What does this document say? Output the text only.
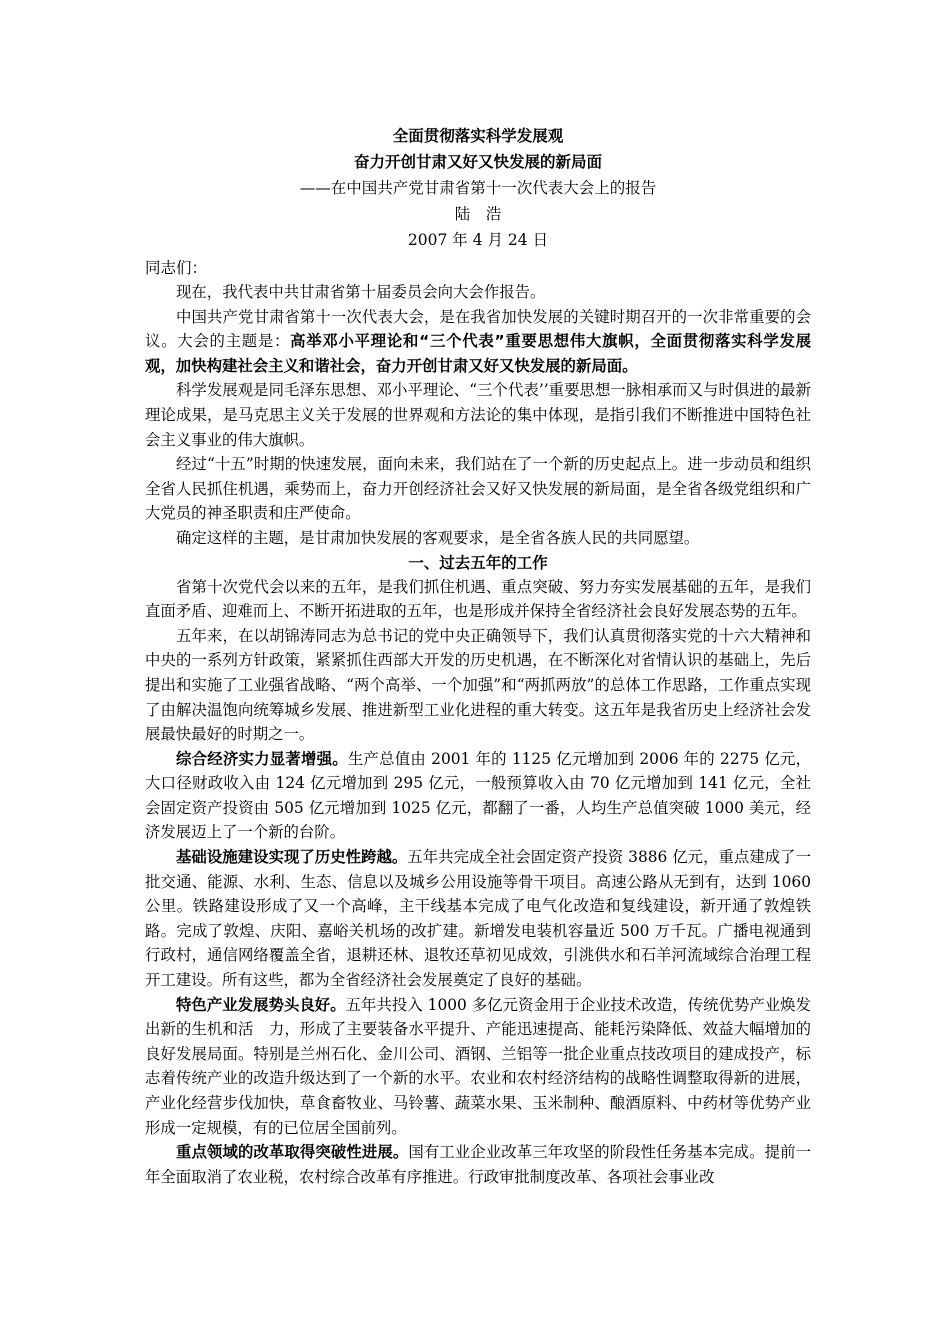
全面贯彻落实科学发展观
奋力开创甘肃又好又快发展的新局面
——在中国共产党甘肃省第十一次代表大会上的报告
陆　浩
2007 年 4 月 24 日
同志们：

现在，我代表中共甘肃省第十届委员会向大会作报告。

中国共产党甘肃省第十一次代表大会，是在我省加快发展的关键时期召开的一次非常重要的会议。大会的主题是：高举邓小平理论和“三个代表”重要思想伟大旗帜，全面贯彻落实科学发展观，加快构建社会主义和谐社会，奋力开创甘肃又好又快发展的新局面。

科学发展观是同毛泽东思想、邓小平理论、“三个代表’’重要思想一脉相承而又与时俱进的最新理论成果，是马克思主义关于发展的世界观和方法论的集中体现，是指引我们不断推进中国特色社会主义事业的伟大旗帜。

经过“十五”时期的快速发展，面向未来，我们站在了一个新的历史起点上。进一步动员和组织全省人民抓住机遇，乘势而上，奋力开创经济社会又好又快发展的新局面，是全省各级党组织和广大党员的神圣职责和庄严使命。

确定这样的主题，是甘肃加快发展的客观要求，是全省各族人民的共同愿望。

一、过去五年的工作

省第十次党代会以来的五年，是我们抓住机遇、重点突破、努力夯实发展基础的五年，是我们直面矛盾、迎难而上、不断开拓进取的五年，也是形成并保持全省经济社会良好发展态势的五年。

五年来，在以胡锦涛同志为总书记的党中央正确领导下，我们认真贯彻落实党的十六大精神和中央的一系列方针政策，紧紧抓住西部大开发的历史机遇，在不断深化对省情认识的基础上，先后提出和实施了工业强省战略、“两个高举、一个加强”和“两抓两放”的总体工作思路，工作重点实现了由解决温饱向统筹城乡发展、推进新型工业化进程的重大转变。这五年是我省历史上经济社会发展最快最好的时期之一。

综合经济实力显著增强。生产总值由 2001 年的 1125 亿元增加到 2006 年的 2275 亿元，大口径财政收入由 124 亿元增加到 295 亿元，一般预算收入由 70 亿元增加到 141 亿元，全社会固定资产投资由 505 亿元增加到 1025 亿元，都翻了一番，人均生产总值突破 1000 美元，经济发展迈上了一个新的台阶。

基础设施建设实现了历史性跨越。五年共完成全社会固定资产投资 3886 亿元，重点建成了一批交通、能源、水利、生态、信息以及城乡公用设施等骨干项目。高速公路从无到有，达到 1060 公里。铁路建设形成了又一个高峰，主干线基本完成了电气化改造和复线建设，新开通了敦煌铁路。完成了敦煌、庆阳、嘉峪关机场的改扩建。新增发电装机容量近 500 万千瓦。广播电视通到行政村，通信网络覆盖全省，退耕还林、退牧还草初见成效，引洮供水和石羊河流域综合治理工程开工建设。所有这些，都为全省经济社会发展奠定了良好的基础。

特色产业发展势头良好。五年共投入 1000 多亿元资金用于企业技术改造，传统优势产业焕发出新的生机和活　力，形成了主要装备水平提升、产能迅速提高、能耗污染降低、效益大幅增加的良好发展局面。特别是兰州石化、金川公司、酒钢、兰铝等一批企业重点技改项目的建成投产，标志着传统产业的改造升级达到了一个新的水平。农业和农村经济结构的战略性调整取得新的进展，产业化经营步伐加快，草食畜牧业、马铃薯、蔬菜水果、玉米制种、酿酒原料、中药材等优势产业形成一定规模，有的已位居全国前列。

重点领域的改革取得突破性进展。国有工业企业改革三年攻坚的阶段性任务基本完成。提前一年全面取消了农业税，农村综合改革有序推进。行政审批制度改革、各项社会事业改
